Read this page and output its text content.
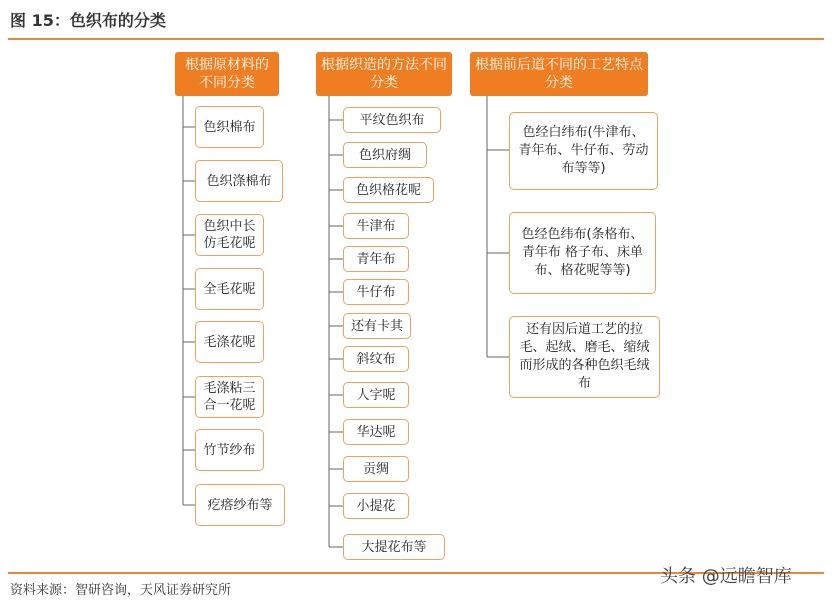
图 15：色织布的分类
根据原材料的不同分类
根据织造的方法不同分类
根据前后道不同的工艺特点分类
色织棉布
色织涤棉布
色织中长仿毛花呢
全毛花呢
毛涤花呢
毛涤粘三合一花呢
竹节纱布
疙瘩纱布等
平纹色织布
色织府绸
色织格花呢
牛津布
青年布
牛仔布
还有卡其
斜纹布
人字呢
华达呢
贡绸
小提花
大提花布等
色经白纬布(牛津布、青年布、牛仔布、劳动布等等)
色经色纬布(条格布、青年布 格子布、床单布、格花呢等等)
还有因后道工艺的拉毛、起绒、磨毛、缩绒而形成的各种色织毛绒布
资料来源：智研咨询，天风证券研究所
头条 @远瞻智库
